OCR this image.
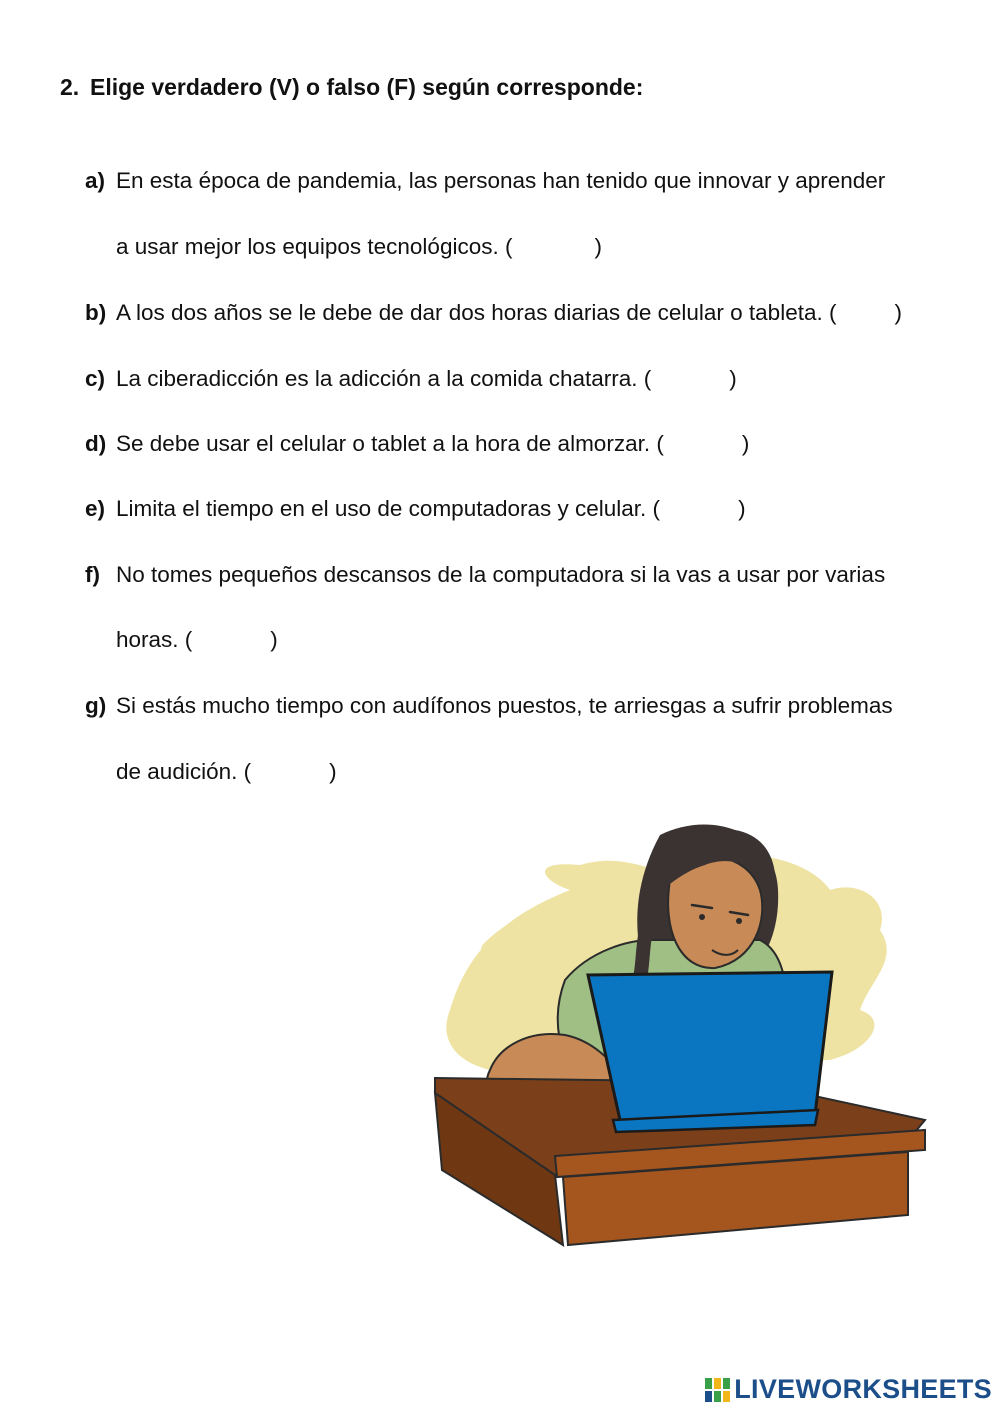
2. Elige verdadero (V) o falso (F) según corresponde:

a) En esta época de pandemia, las personas han tenido que innovar y aprender

a usar mejor los equipos tecnológicos. (	)

b) A los dos años se le debe de dar dos horas diarias de celular o tableta. (	)

c) La ciberadicción es la adicción a la comida chatarra. (	)

d) Se debe usar el celular o tablet a la hora de almorzar. (	)

e) Limita el tiempo en el uso de computadoras y celular. (	)

f) No tomes pequeños descansos de la computadora si la vas a usar por varias

horas. (	)

g) Si estás mucho tiempo con audífonos puestos, te arriesgas a sufrir problemas

de audición. (	)

LIVEWORKSHEETS
